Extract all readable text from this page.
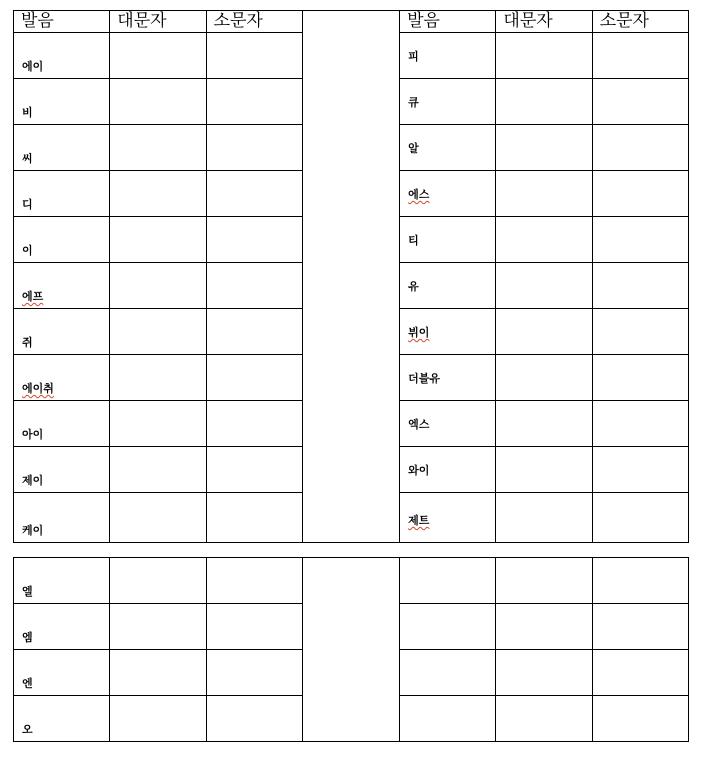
발음	대문자	소문자		발음	대문자	소문자

에이				피		

비				큐		

씨				알		

디				에스		

이				티		

에프				유		

쥐				뷔이		

에이취				더블유		

아이				엑스		

제이				와이		

케이				제트		

엘						

엠						

엔						

오						
